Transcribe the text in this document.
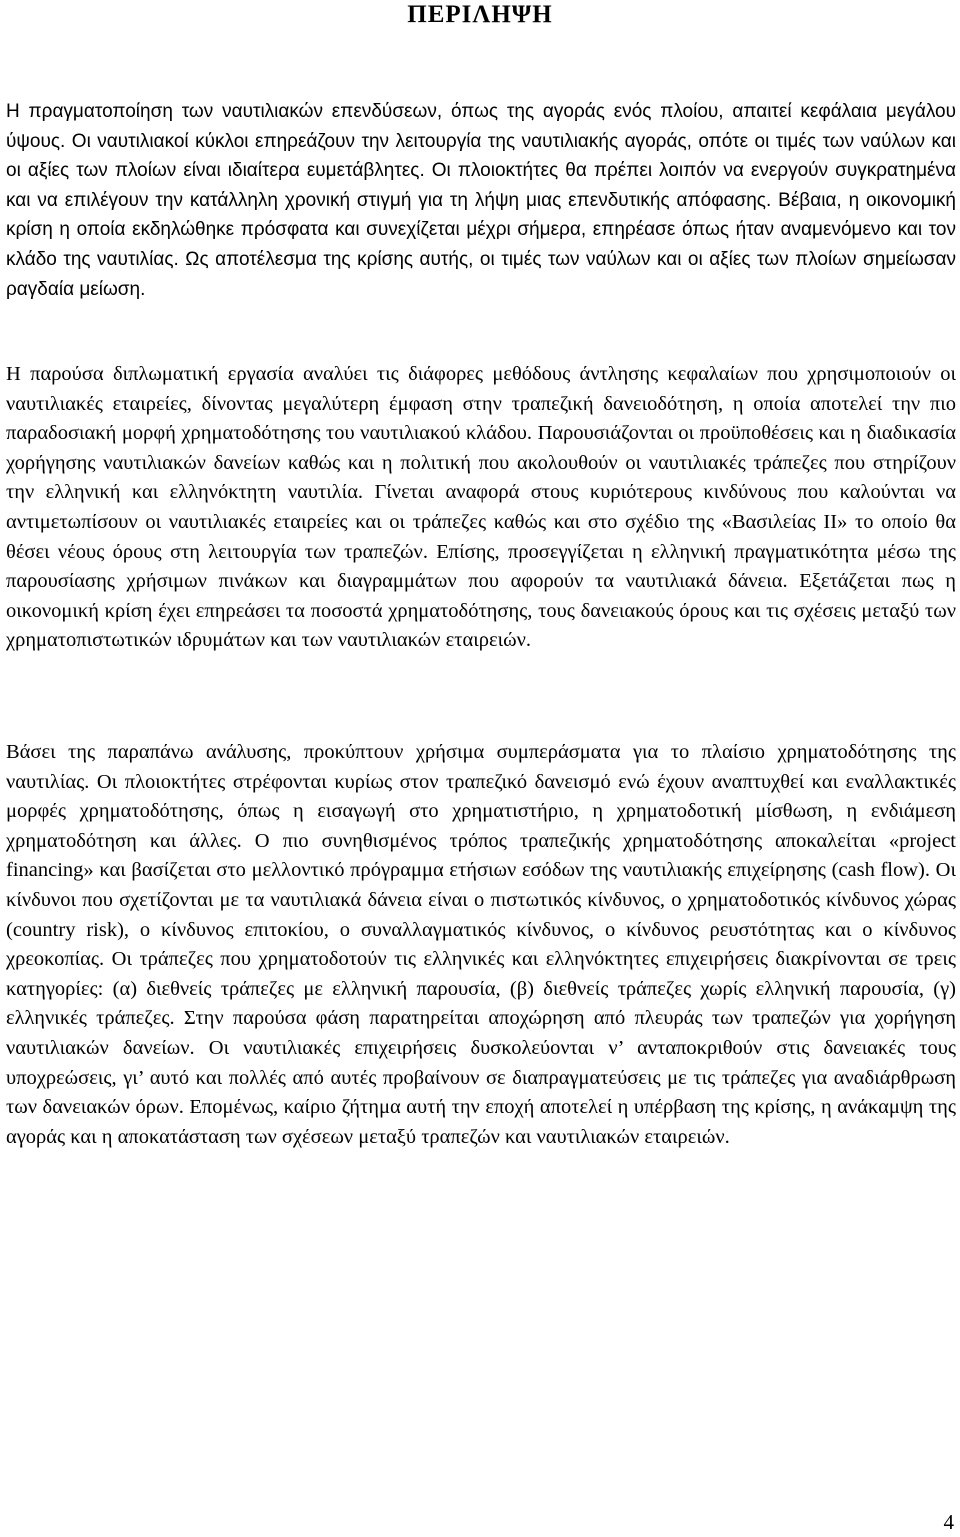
ΠΕΡΙΛΗΨΗ

Η πραγματοποίηση των ναυτιλιακών επενδύσεων, όπως της αγοράς ενός πλοίου, απαιτεί κεφάλαια μεγάλου ύψους. Οι ναυτιλιακοί κύκλοι επηρεάζουν την λειτουργία της ναυτιλιακής αγοράς, οπότε οι τιμές των ναύλων και οι αξίες των πλοίων είναι ιδιαίτερα ευμετάβλητες. Οι πλοιοκτήτες θα πρέπει λοιπόν να ενεργούν συγκρατημένα και να επιλέγουν την κατάλληλη χρονική στιγμή για τη λήψη μιας επενδυτικής απόφασης. Βέβαια, η οικονομική κρίση η οποία εκδηλώθηκε πρόσφατα και συνεχίζεται μέχρι σήμερα, επηρέασε όπως ήταν αναμενόμενο και τον κλάδο της ναυτιλίας. Ως αποτέλεσμα της κρίσης αυτής, οι τιμές των ναύλων και οι αξίες των πλοίων σημείωσαν ραγδαία μείωση.

Η παρούσα διπλωματική εργασία αναλύει τις διάφορες μεθόδους άντλησης κεφαλαίων που χρησιμοποιούν οι ναυτιλιακές εταιρείες, δίνοντας μεγαλύτερη έμφαση στην τραπεζική δανειοδότηση, η οποία αποτελεί την πιο παραδοσιακή μορφή χρηματοδότησης του ναυτιλιακού κλάδου. Παρουσιάζονται οι προϋποθέσεις και η διαδικασία χορήγησης ναυτιλιακών δανείων καθώς και η πολιτική που ακολουθούν οι ναυτιλιακές τράπεζες που στηρίζουν την ελληνική και ελληνόκτητη ναυτιλία. Γίνεται αναφορά στους κυριότερους κινδύνους που καλούνται να αντιμετωπίσουν οι ναυτιλιακές εταιρείες και οι τράπεζες καθώς και στο σχέδιο της «Βασιλείας ΙΙ» το οποίο θα θέσει νέους όρους στη λειτουργία των τραπεζών. Επίσης, προσεγγίζεται η ελληνική πραγματικότητα μέσω της παρουσίασης χρήσιμων πινάκων και διαγραμμάτων που αφορούν τα ναυτιλιακά δάνεια. Εξετάζεται πως η οικονομική κρίση έχει επηρεάσει τα ποσοστά χρηματοδότησης, τους δανειακούς όρους και τις σχέσεις μεταξύ των χρηματοπιστωτικών ιδρυμάτων και των ναυτιλιακών εταιρειών.

Βάσει της παραπάνω ανάλυσης, προκύπτουν χρήσιμα συμπεράσματα για το πλαίσιο χρηματοδότησης της ναυτιλίας. Οι πλοιοκτήτες στρέφονται κυρίως στον τραπεζικό δανεισμό ενώ έχουν αναπτυχθεί και εναλλακτικές μορφές χρηματοδότησης, όπως η εισαγωγή στο χρηματιστήριο, η χρηματοδοτική μίσθωση, η ενδιάμεση χρηματοδότηση και άλλες. Ο πιο συνηθισμένος τρόπος τραπεζικής χρηματοδότησης αποκαλείται «project financing» και βασίζεται στο μελλοντικό πρόγραμμα ετήσιων εσόδων της ναυτιλιακής επιχείρησης (cash flow). Οι κίνδυνοι που σχετίζονται με τα ναυτιλιακά δάνεια είναι ο πιστωτικός κίνδυνος, ο χρηματοδοτικός κίνδυνος χώρας (country risk), ο κίνδυνος επιτοκίου, ο συναλλαγματικός κίνδυνος, ο κίνδυνος ρευστότητας και ο κίνδυνος χρεοκοπίας. Οι τράπεζες που χρηματοδοτούν τις ελληνικές και ελληνόκτητες επιχειρήσεις διακρίνονται σε τρεις κατηγορίες: (α) διεθνείς τράπεζες με ελληνική παρουσία, (β) διεθνείς τράπεζες χωρίς ελληνική παρουσία, (γ) ελληνικές τράπεζες. Στην παρούσα φάση παρατηρείται αποχώρηση από πλευράς των τραπεζών για χορήγηση ναυτιλιακών δανείων. Οι ναυτιλιακές επιχειρήσεις δυσκολεύονται ν’ ανταποκριθούν στις δανειακές τους υποχρεώσεις, γι’ αυτό και πολλές από αυτές προβαίνουν σε διαπραγματεύσεις με τις τράπεζες για αναδιάρθρωση των δανειακών όρων. Επομένως, καίριο ζήτημα αυτή την εποχή αποτελεί η υπέρβαση της κρίσης, η ανάκαμψη της αγοράς και η αποκατάσταση των σχέσεων μεταξύ τραπεζών και ναυτιλιακών εταιρειών.

4
